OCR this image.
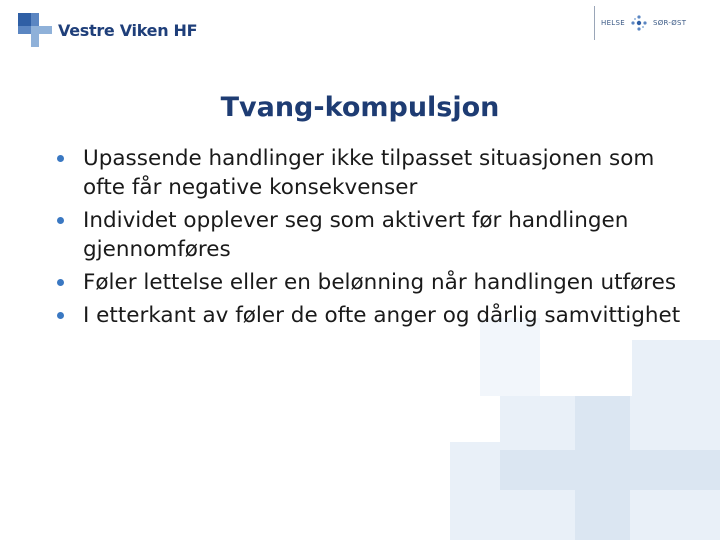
Vestre Viken HF	HELSE	SØR-ØST
Tvang-kompulsjon
Upassende handlinger ikke tilpasset situasjonen som ofte får negative konsekvenser
Individet opplever seg som aktivert før handlingen gjennomføres
Føler lettelse eller en belønning når handlingen utføres
I etterkant av føler de ofte anger og dårlig samvittighet
